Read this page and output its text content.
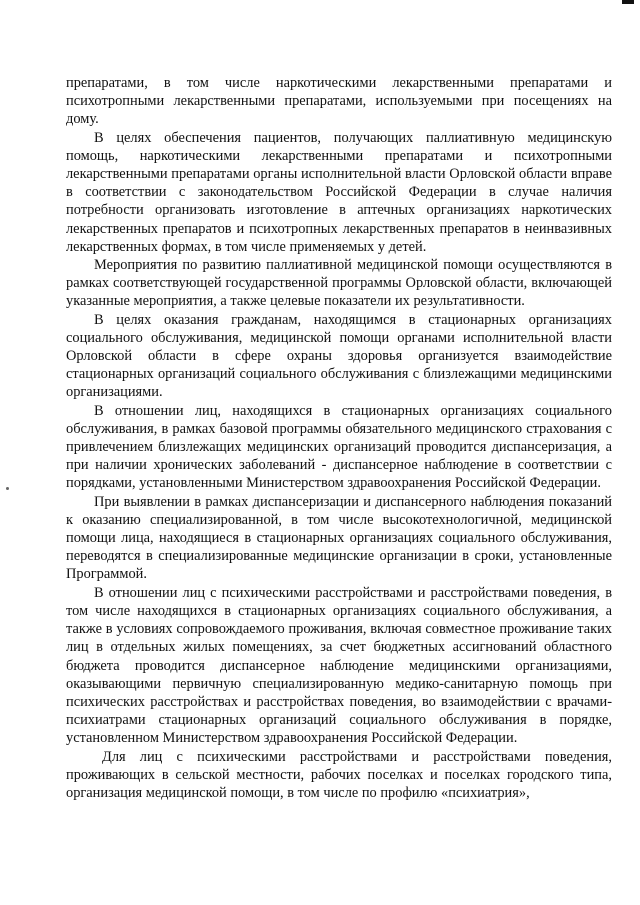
препаратами, в том числе наркотическими лекарственными препаратами и психотропными лекарственными препаратами, используемыми при посещениях на дому.

В целях обеспечения пациентов, получающих паллиативную медицинскую помощь, наркотическими лекарственными препаратами и психотропными лекарственными препаратами органы исполнительной власти Орловской области вправе в соответствии с законодательством Российской Федерации в случае наличия потребности организовать изготовление в аптечных организациях наркотических лекарственных препаратов и психотропных лекарственных препаратов в неинвазивных лекарственных формах, в том числе применяемых у детей.

Мероприятия по развитию паллиативной медицинской помощи осуществляются в рамках соответствующей государственной программы Орловской области, включающей указанные мероприятия, а также целевые показатели их результативности.

В целях оказания гражданам, находящимся в стационарных организациях социального обслуживания, медицинской помощи органами исполнительной власти Орловской области в сфере охраны здоровья организуется взаимодействие стационарных организаций социального обслуживания с близлежащими медицинскими организациями.

В отношении лиц, находящихся в стационарных организациях социального обслуживания, в рамках базовой программы обязательного медицинского страхования с привлечением близлежащих медицинских организаций проводится диспансеризация, а при наличии хронических заболеваний - диспансерное наблюдение в соответствии с порядками, установленными Министерством здравоохранения Российской Федерации.

При выявлении в рамках диспансеризации и диспансерного наблюдения показаний к оказанию специализированной, в том числе высокотехнологичной, медицинской помощи лица, находящиеся в стационарных организациях социального обслуживания, переводятся в специализированные медицинские организации в сроки, установленные Программой.

В отношении лиц с психическими расстройствами и расстройствами поведения, в том числе находящихся в стационарных организациях социального обслуживания, а также в условиях сопровождаемого проживания, включая совместное проживание таких лиц в отдельных жилых помещениях, за счет бюджетных ассигнований областного бюджета проводится диспансерное наблюдение медицинскими организациями, оказывающими первичную специализированную медико-санитарную помощь при психических расстройствах и расстройствах поведения, во взаимодействии с врачами-психиатрами стационарных организаций социального обслуживания в порядке, установленном Министерством здравоохранения Российской Федерации.

Для лиц с психическими расстройствами и расстройствами поведения, проживающих в сельской местности, рабочих поселках и поселках городского типа, организация медицинской помощи, в том числе по профилю «психиатрия»,
